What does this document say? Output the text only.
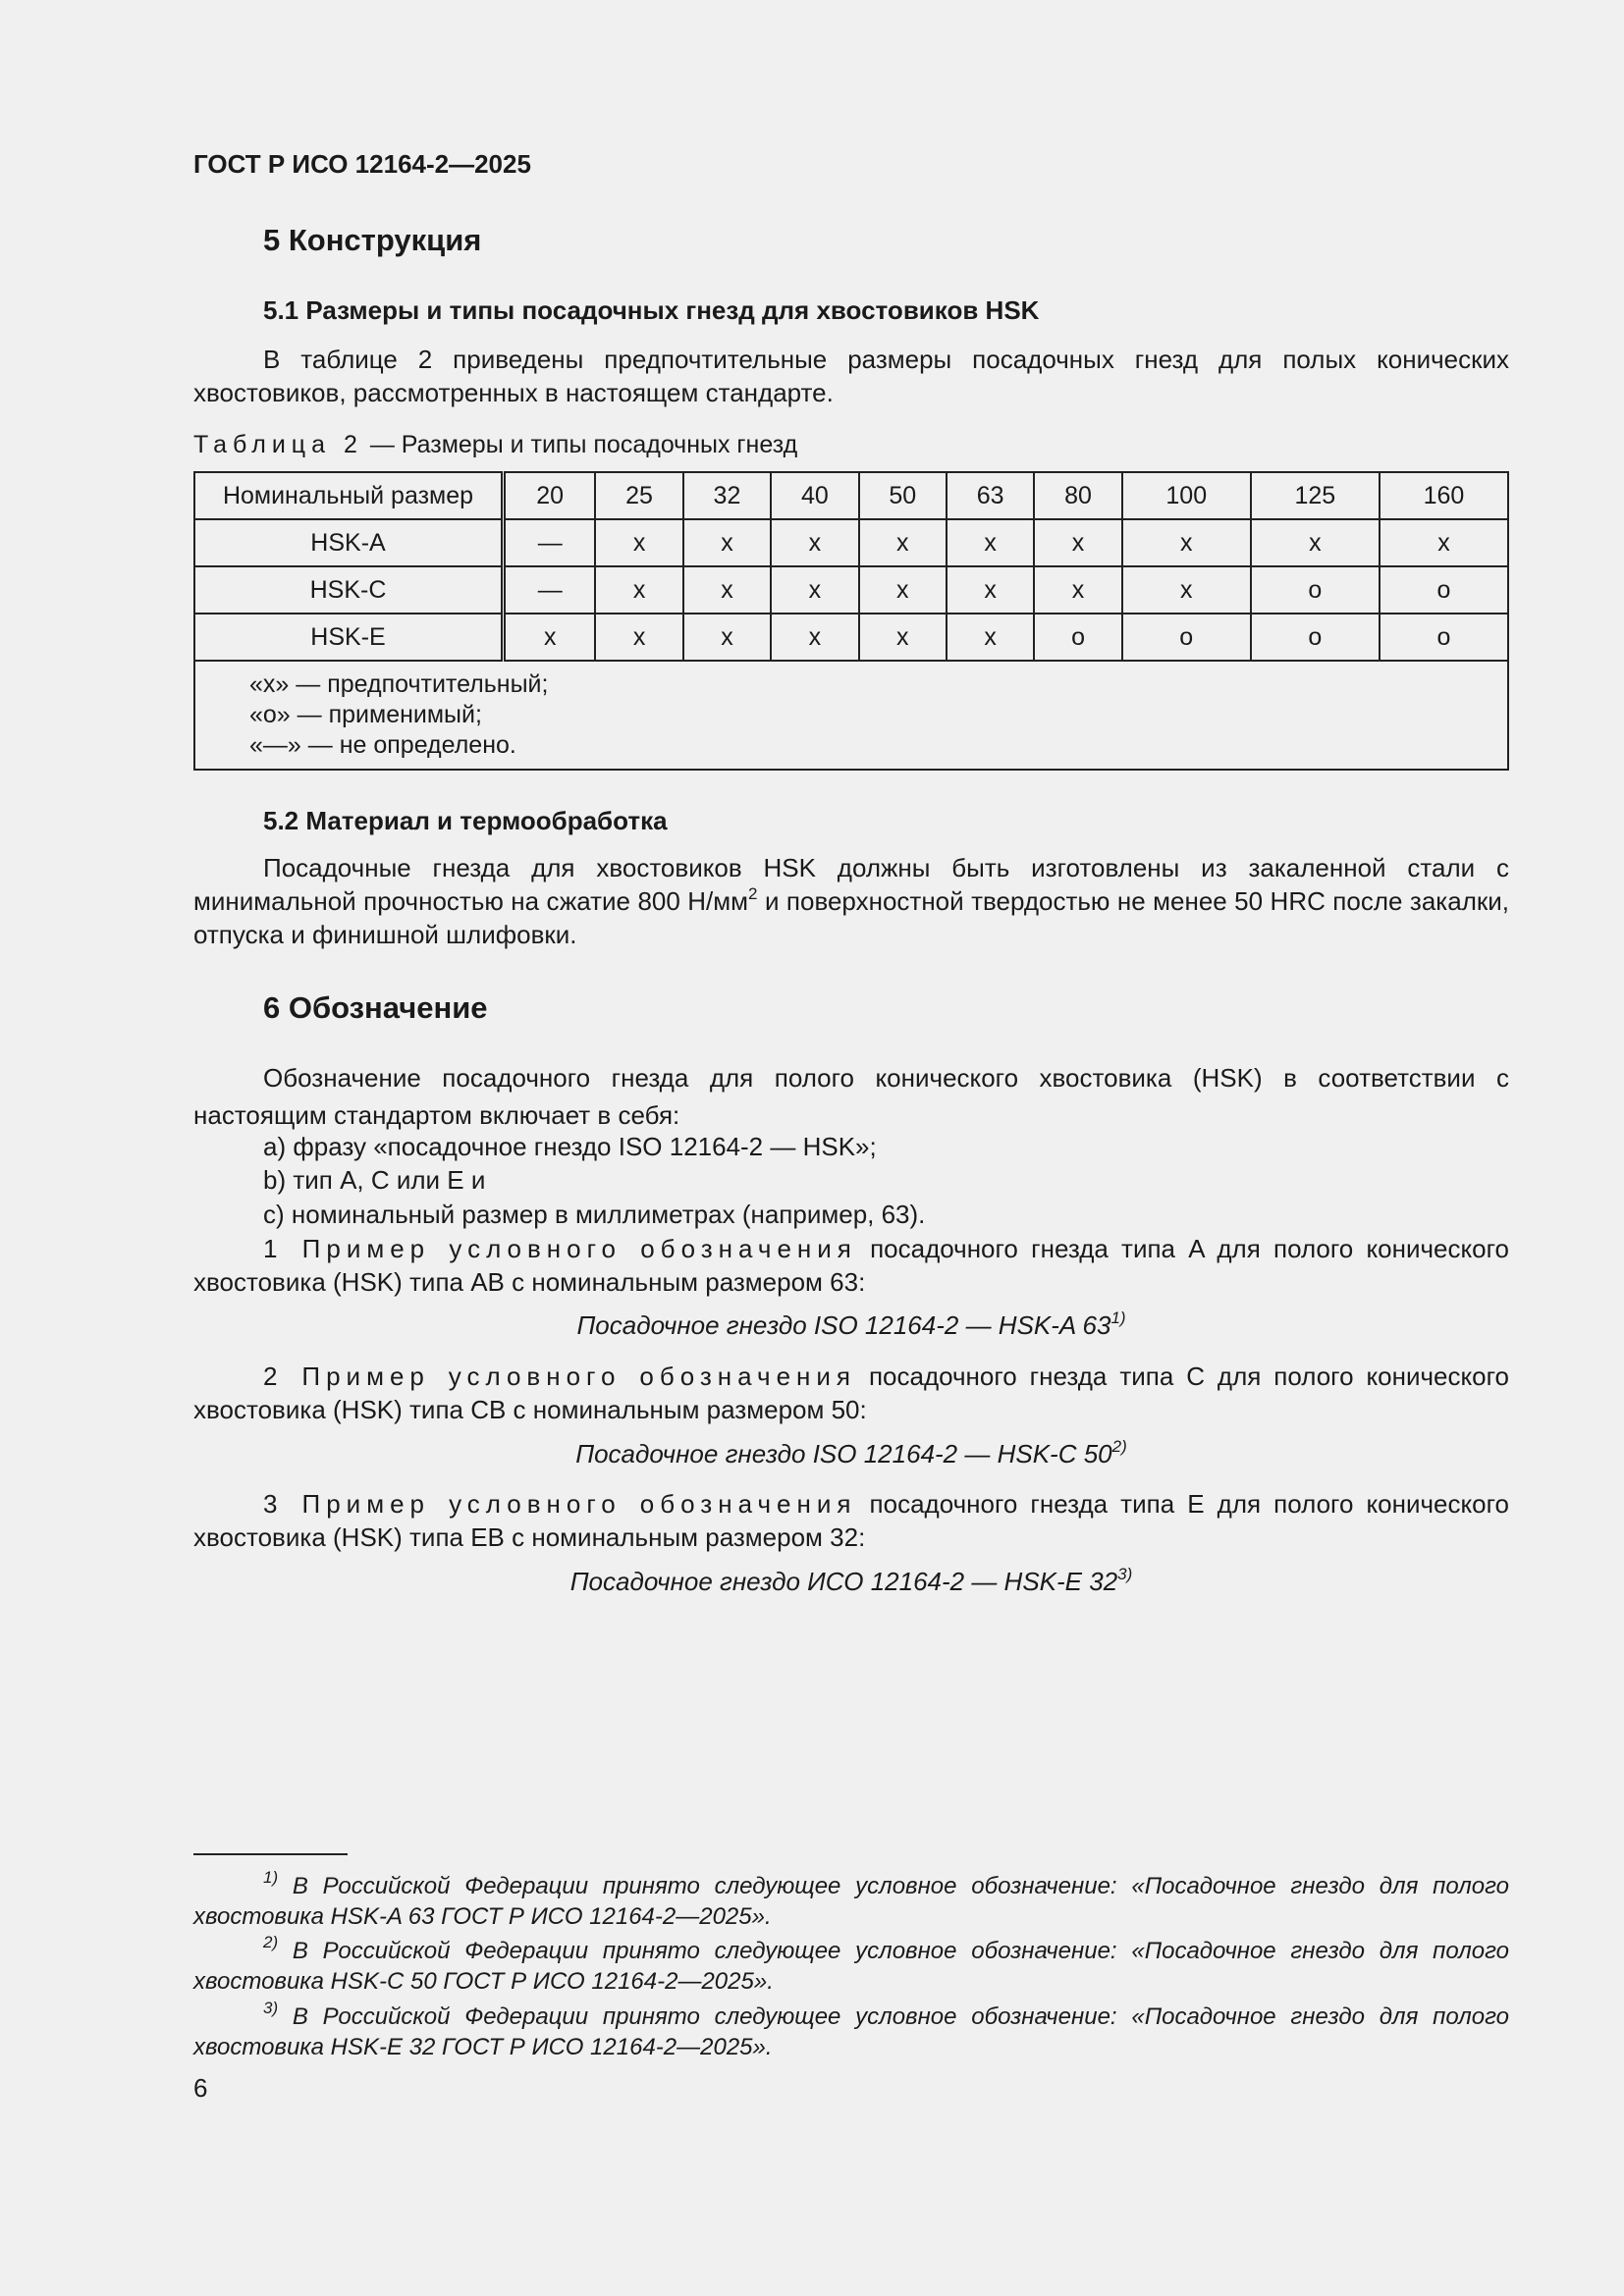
ГОСТ Р ИСО 12164-2—2025
5 Конструкция
5.1 Размеры и типы посадочных гнезд для хвостовиков HSK
В таблице 2 приведены предпочтительные размеры посадочных гнезд для полых конических хвостовиков, рассмотренных в настоящем стандарте.
Таблица 2 — Размеры и типы посадочных гнезд
Номинальный размер	20	25	32	40	50	63	80	100	125	160
HSK-A	—	x	x	x	x	x	x	x	x	x
HSK-C	—	x	x	x	x	x	x	x	o	o
HSK-E	x	x	x	x	x	x	o	o	o	o

«x» — предпочтительный;
«o» — применимый;
«—» — не определено.										
5.2 Материал и термообработка
Посадочные гнезда для хвостовиков HSK должны быть изготовлены из закаленной стали с минимальной прочностью на сжатие 800 $Н/мм^2$ и поверхностной твердостью не менее 50 HRC после закалки, отпуска и финишной шлифовки.
6 Обозначение
Обозначение посадочного гнезда для полого конического хвостовика (HSK) в соответствии с настоящим стандартом включает в себя:
а) фразу «посадочное гнездо ISO 12164-2 — HSK»;
b) тип A, C или E и
c) номинальный размер в миллиметрах (например, 63).
1 Пример условного обозначения посадочного гнезда типа A для полого конического хвостовика (HSK) типа AB с номинальным размером 63:
Посадочное гнездо ISO 12164-2 — HSK-A 63$^{1)}$
2 Пример условного обозначения посадочного гнезда типа C для полого конического хвостовика (HSK) типа CB с номинальным размером 50:
Посадочное гнездо ISO 12164-2 — HSK-C 50$^{2)}$
3 Пример условного обозначения посадочного гнезда типа E для полого конического хвостовика (HSK) типа EB с номинальным размером 32:
Посадочное гнездо ИСО 12164-2 — HSK-E 32$^{3)}$
$^{1)}$ В Российской Федерации принято следующее условное обозначение: «Посадочное гнездо для полого хвостовика HSK-A 63 ГОСТ Р ИСО 12164-2—2025».
$^{2)}$ В Российской Федерации принято следующее условное обозначение: «Посадочное гнездо для полого хвостовика HSK-C 50 ГОСТ Р ИСО 12164-2—2025».
$^{3)}$ В Российской Федерации принято следующее условное обозначение: «Посадочное гнездо для полого хвостовика HSK-E 32 ГОСТ Р ИСО 12164-2—2025».
6
